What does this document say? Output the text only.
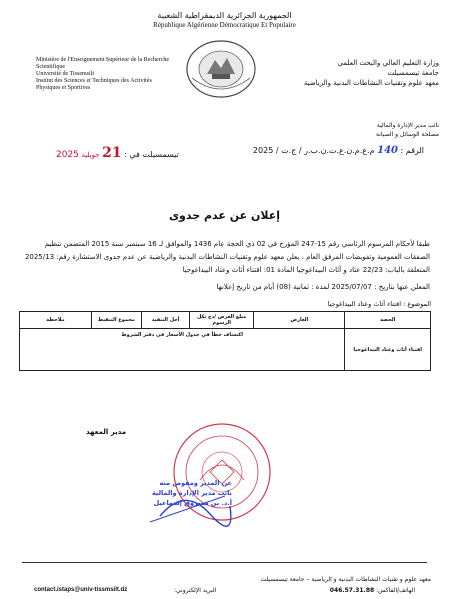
الجمهورية الجزائرية الديمقراطية الشعبية
République Algérienne Démocratique Et Populaire
Ministère de l'Enseignement Supérieur de la Recherche Scientifique
Université de Tissemsilt
Institut des Sciences et Techniques des Activités Physiques et Sportives
وزارة التعليم العالي والبحث العلمي
جامعة تيسمسيلت
معهد علوم وتقنيات النشاطات البدنية والرياضية
نائب مدير الإدارة والمالية
مصلحة الوسائل و الصيانة
الرقم : 140 م.ع.م.ن.ع.ت.ن.ب.ر / ج.ت / 2025
تيسمسيلت في : 21 جويلية 2025
إعلان عن عدم جدوى
طبقا لأحكام المرسوم الرئاسي رقم 15-247 المؤرخ في 02 ذي الحجة عام 1436 والموافق لـ 16 سبتمبر سنة 2015 المتضمن تنظيم الصفقات العمومية وتفويضات المرفق العام ، يعلن معهد علوم وتقنيات النشاطات البدنية والرياضية عن عدم جدوى الاستشارة رقم: 2025/13 المتعلقة بالباب: 22/23 عتاد و أثاث البيداغوجيا المادة 01: اقتناء أثاث وعتاد البيداغوجيا
المعلن عنها بتاريخ : 2025/07/07 لمدة : ثمانية (08) أيام من تاريخ إعلانها
الموضوع : اقتناء أثاث وعتاد البيداغوجيا
الحصة	العارض	مبلغ العرض /دج بكل الرسوم	أجل التنفيذ	مجموع التنقيط	ملاحظة
اقتناء أثاث وعتاد البيداغوجيا	اكتشاف خطأ في جدول الأسعار في دفتر الشروط				
مدير المعهد
عن المدير ومفوض منه
نائب مدير الإدارة والمالية
أ.د. بن مسروق إسماعيل
معهد علوم و تقنيات النشاطات البدنية و الرياضية – جامعة تيسمسيلت
contact.istaps@univ-tissmsilt.dz	البريد الإلكتروني:	الهاتف/الفاكس: 046.57.31.88
